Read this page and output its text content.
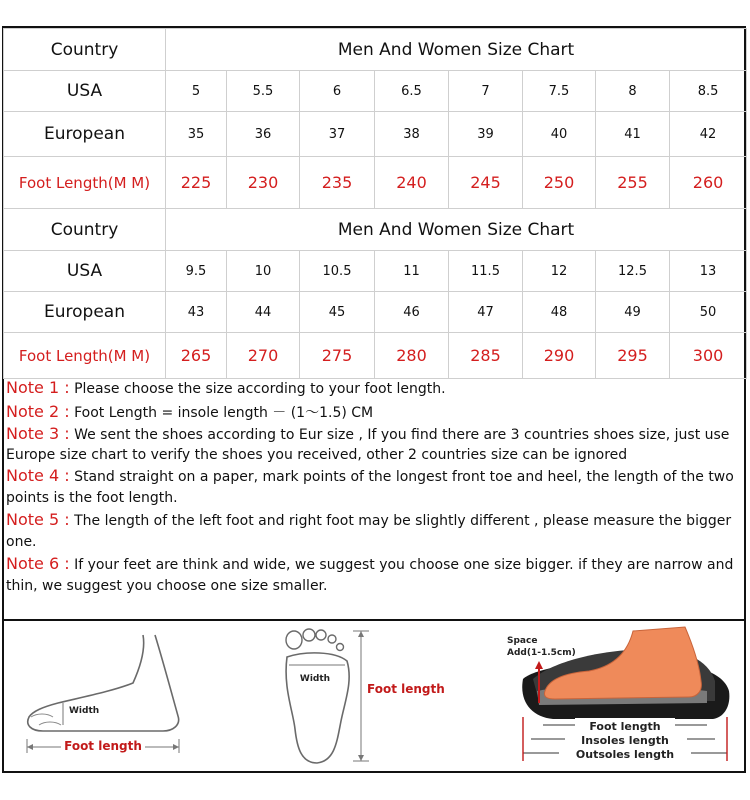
Country	Men And Women Size Chart							
USA	5	5.5	6	6.5	7	7.5	8	8.5
European	35	36	37	38	39	40	41	42
Foot Length(M M)	225	230	235	240	245	250	255	260
Country	Men And Women Size Chart							
USA	9.5	10	10.5	11	11.5	12	12.5	13
European	43	44	45	46	47	48	49	50
Foot Length(M M)	265	270	275	280	285	290	295	300

Note 1 : Please choose the size according to your foot length.

Note 2 : Foot Length = insole length － (1～1.5) CM

Note 3 : We sent the shoes according to Eur size , If you find there are 3 countries shoes size, just use Europe size chart to verify the shoes you received, other 2 countries size can be ignored

Note 4 : Stand straight on a paper, mark points of the longest front toe and heel, the length of the two points is the foot length.

Note 5 : The length of the left foot and right foot may be slightly different , please measure the bigger one.

Note 6 : If your feet are think and wide, we suggest you choose one size bigger. if they are narrow and thin, we suggest you choose one size smaller.

Width
Foot length
Width
Foot length
Space
Add(1-1.5cm)
Foot length
Insoles length
Outsoles length
